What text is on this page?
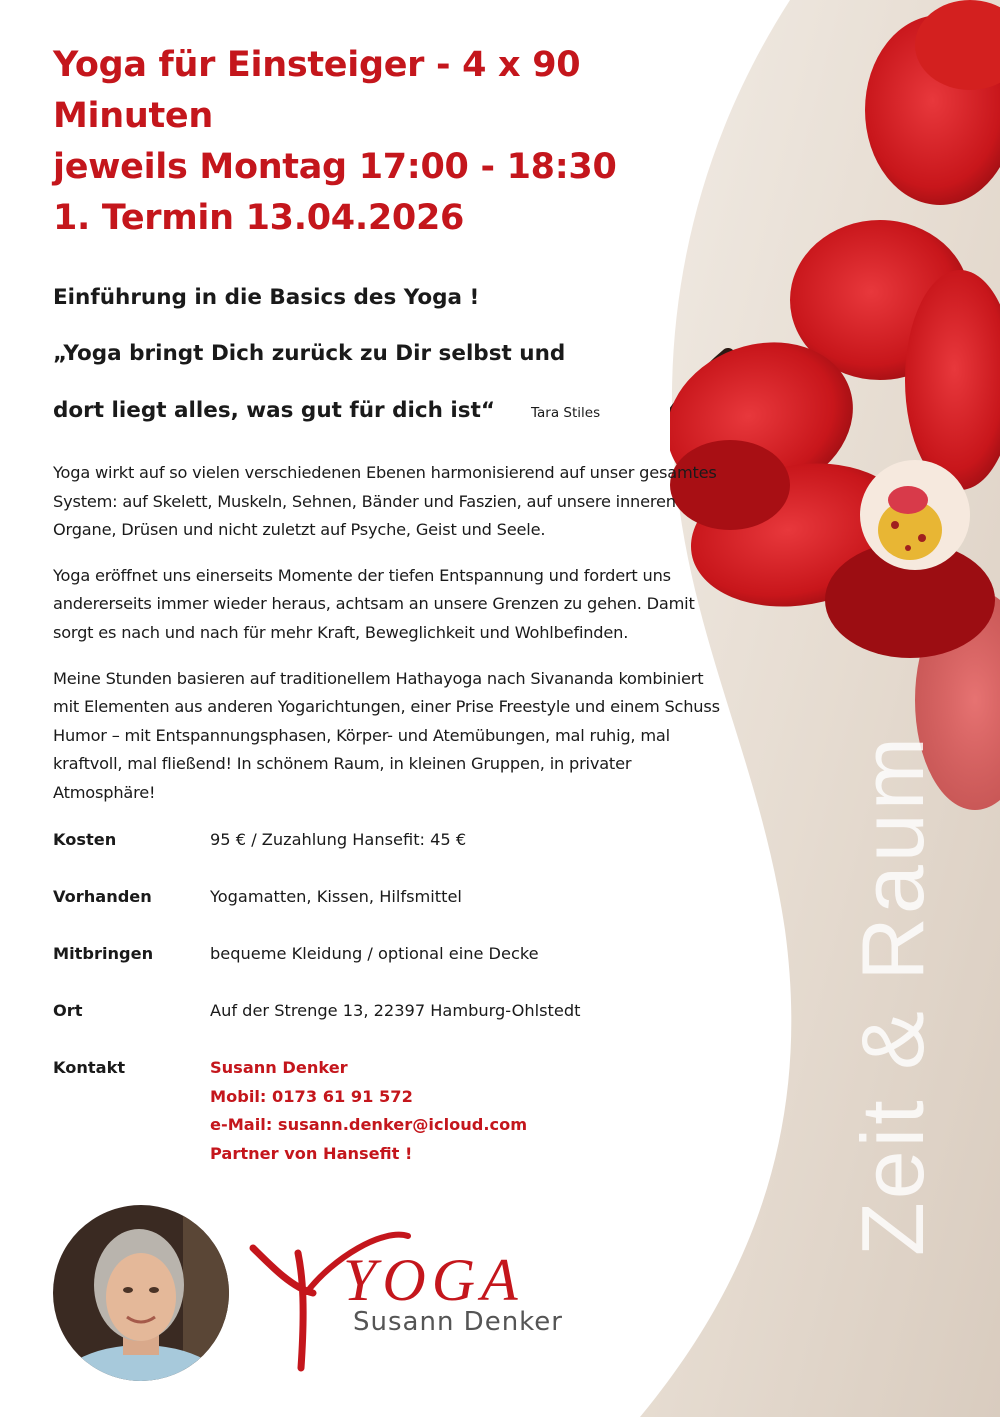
Zeit & Raum
Yoga für Einsteiger - 4 x 90 Minuten
jeweils Montag 17:00 - 18:30
1. Termin 13.04.2026
Einführung in die Basics des Yoga !
„Yoga bringt Dich zurück zu Dir selbst und
dort liegt alles, was gut für dich ist“	Tara Stiles
Yoga wirkt auf so vielen verschiedenen Ebenen harmonisierend auf unser gesamtes System: auf Skelett, Muskeln, Sehnen, Bänder und Faszien, auf unsere inneren Organe, Drüsen und nicht zuletzt auf Psyche, Geist und Seele.
Yoga eröffnet uns einerseits Momente der tiefen Entspannung und fordert uns andererseits immer wieder heraus, achtsam an unsere Grenzen zu gehen. Damit sorgt es nach und nach für mehr Kraft, Beweglichkeit und Wohlbefinden.
Meine Stunden basieren auf traditionellem Hathayoga nach Sivananda kombiniert mit Elementen aus anderen Yogarichtungen, einer Prise Freestyle und einem Schuss Humor – mit Entspannungsphasen, Körper- und Atemübungen, mal ruhig, mal kraftvoll, mal fließend! In schönem Raum, in kleinen Gruppen, in privater Atmosphäre!
Kosten	95 € / Zuzahlung Hansefit: 45 €
Vorhanden	Yogamatten, Kissen, Hilfsmittel
Mitbringen	bequeme Kleidung / optional eine Decke
Ort	Auf der Strenge 13, 22397 Hamburg-Ohlstedt
Kontakt	Susann Denker
Mobil: 0173 61 91 572
e-Mail: susann.denker@icloud.com
Partner von Hansefit !
YOGA
Susann Denker
